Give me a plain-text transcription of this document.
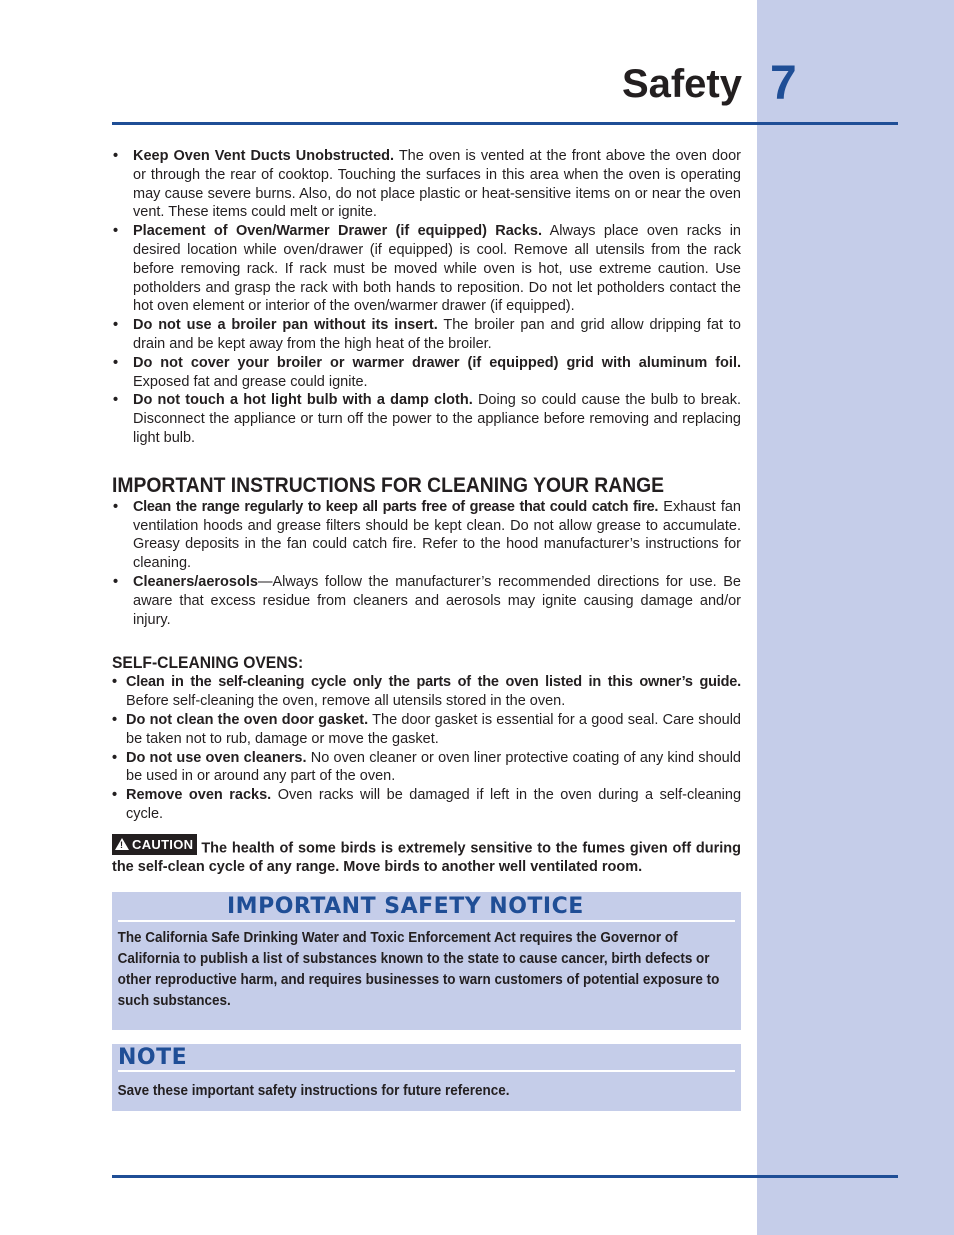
Safety 7
• Keep Oven Vent Ducts Unobstructed. The oven is vented at the front above the oven door or through the rear of cooktop. Touching the surfaces in this area when the oven is operating may cause severe burns. Also, do not place plastic or heat-sensitive items on or near the oven vent. These items could melt or ignite.
• Placement of Oven/Warmer Drawer (if equipped) Racks. Always place oven racks in desired location while oven/drawer (if equipped) is cool. Remove all utensils from the rack before removing rack. If rack must be moved while oven is hot, use extreme caution. Use potholders and grasp the rack with both hands to reposition. Do not let potholders contact the hot oven element or interior of the oven/warmer drawer (if equipped).
• Do not use a broiler pan without its insert. The broiler pan and grid allow dripping fat to drain and be kept away from the high heat of the broiler.
• Do not cover your broiler or warmer drawer (if equipped) grid with aluminum foil. Exposed fat and grease could ignite.
• Do not touch a hot light bulb with a damp cloth. Doing so could cause the bulb to break. Disconnect the appliance or turn off the power to the appliance before removing and replacing light bulb.
IMPORTANT INSTRUCTIONS FOR CLEANING YOUR RANGE
• Clean the range regularly to keep all parts free of grease that could catch fire. Exhaust fan ventilation hoods and grease filters should be kept clean. Do not allow grease to accumulate. Greasy deposits in the fan could catch fire. Refer to the hood manufacturer’s instructions for cleaning.
• Cleaners/aerosols—Always follow the manufacturer’s recommended directions for use. Be aware that excess residue from cleaners and aerosols may ignite causing damage and/or injury.
SELF-CLEANING OVENS:
• Clean in the self-cleaning cycle only the parts of the oven listed in this owner’s guide. Before self-cleaning the oven, remove all utensils stored in the oven.
• Do not clean the oven door gasket. The door gasket is essential for a good seal. Care should be taken not to rub, damage or move the gasket.
• Do not use oven cleaners. No oven cleaner or oven liner protective coating of any kind should be used in or around any part of the oven.
• Remove oven racks. Oven racks will be damaged if left in the oven during a self-cleaning cycle.
! CAUTION The health of some birds is extremely sensitive to the fumes given off during the self-clean cycle of any range. Move birds to another well ventilated room.
IMPORTANT SAFETY NOTICE
The California Safe Drinking Water and Toxic Enforcement Act requires the Governor of California to publish a list of substances known to the state to cause cancer, birth defects or other reproductive harm, and requires businesses to warn customers of potential exposure to such substances.
NOTE
Save these important safety instructions for future reference.
